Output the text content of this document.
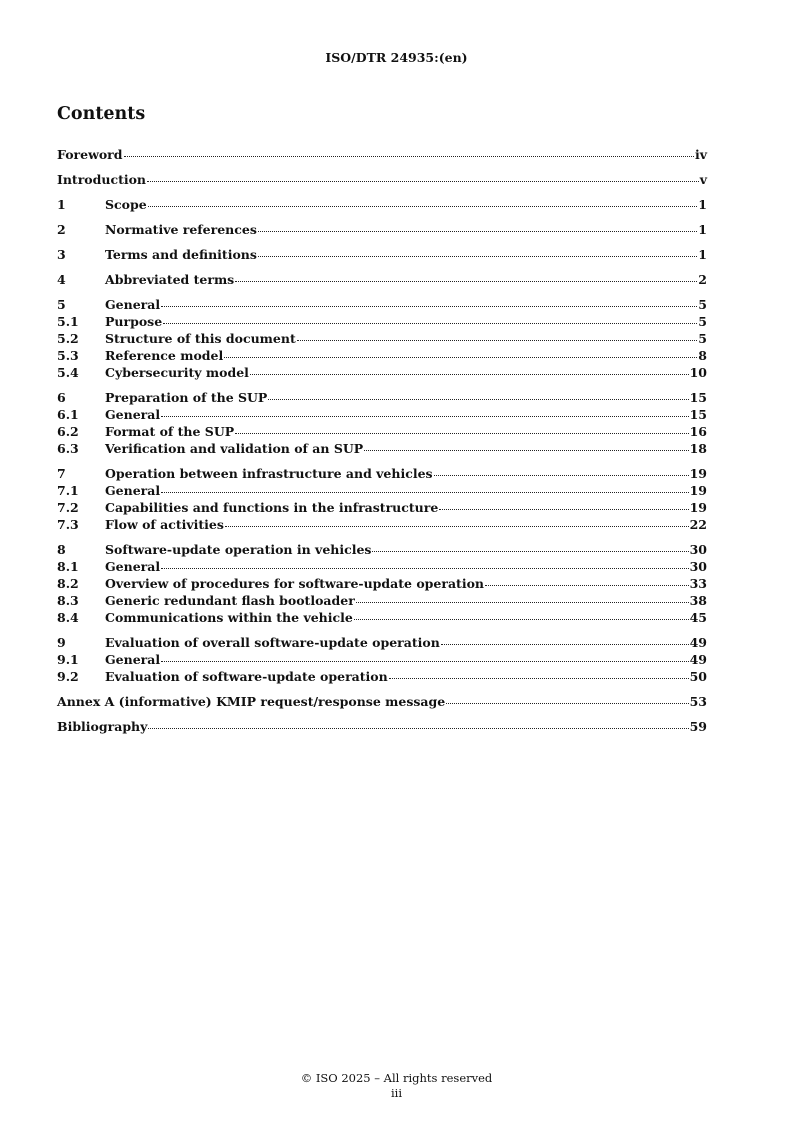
ISO/DTR 24935:(en)
Contents
Foreword	iv
Introduction	v
1	Scope	1
2	Normative references	1
3	Terms and definitions	1
4	Abbreviated terms	2
5	General	5
5.1	Purpose	5
5.2	Structure of this document	5
5.3	Reference model	8
5.4	Cybersecurity model	10
6	Preparation of the SUP	15
6.1	General	15
6.2	Format of the SUP	16
6.3	Verification and validation of an SUP	18
7	Operation between infrastructure and vehicles	19
7.1	General	19
7.2	Capabilities and functions in the infrastructure	19
7.3	Flow of activities	22
8	Software-update operation in vehicles	30
8.1	General	30
8.2	Overview of procedures for software-update operation	33
8.3	Generic redundant flash bootloader	38
8.4	Communications within the vehicle	45
9	Evaluation of overall software-update operation	49
9.1	General	49
9.2	Evaluation of software-update operation	50
Annex A (informative) KMIP request/response message	53
Bibliography	59
© ISO 2025 – All rights reserved
iii
